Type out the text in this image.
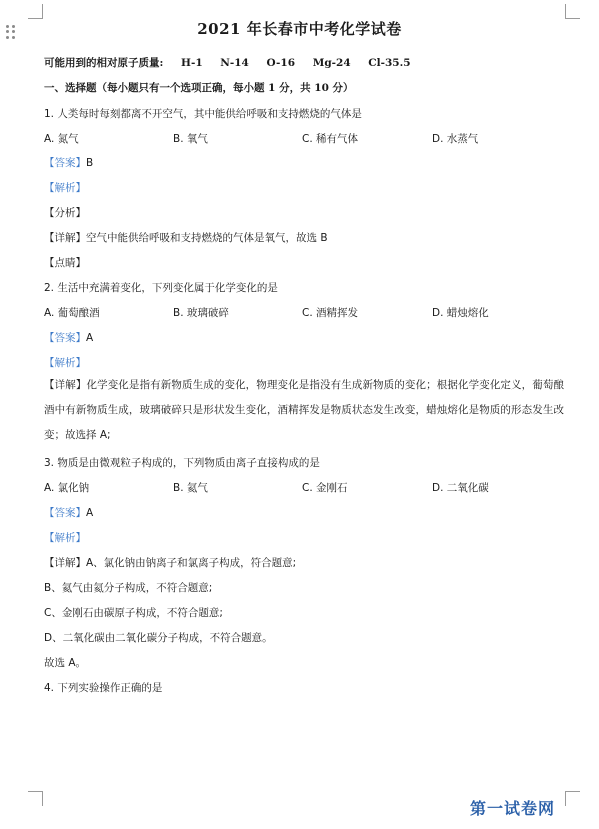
2021 年长春市中考化学试卷
可能用到的相对原子质量: H-1 N-14 O-16 Mg-24 Cl-35.5
一、选择题（每小题只有一个选项正确，每小题 1 分，共 10 分）
1. 人类每时每刻都离不开空气，其中能供给呼吸和支持燃烧的气体是
A. 氮气	B. 氧气	C. 稀有气体	D. 水蒸气
【答案】B
【解析】
【分析】
【详解】空气中能供给呼吸和支持燃烧的气体是氧气，故选 B
【点睛】
2. 生活中充满着变化，下列变化属于化学变化的是
A. 葡萄酿酒	B. 玻璃破碎	C. 酒精挥发	D. 蜡烛熔化
【答案】A
【解析】
【详解】化学变化是指有新物质生成的变化，物理变化是指没有生成新物质的变化；根据化学变化定义，葡萄酿酒中有新物质生成，玻璃破碎只是形状发生变化，酒精挥发是物质状态发生改变，蜡烛熔化是物质的形态发生改变；故选择 A;
3. 物质是由微观粒子构成的，下列物质由离子直接构成的是
A. 氯化钠	B. 氦气	C. 金刚石	D. 二氧化碳
【答案】A
【解析】
【详解】A、氯化钠由钠离子和氯离子构成，符合题意;
B、氦气由氦分子构成，不符合题意;
C、金刚石由碳原子构成，不符合题意;
D、二氧化碳由二氧化碳分子构成，不符合题意。
故选 A。
4. 下列实验操作正确的是
第一试卷网
